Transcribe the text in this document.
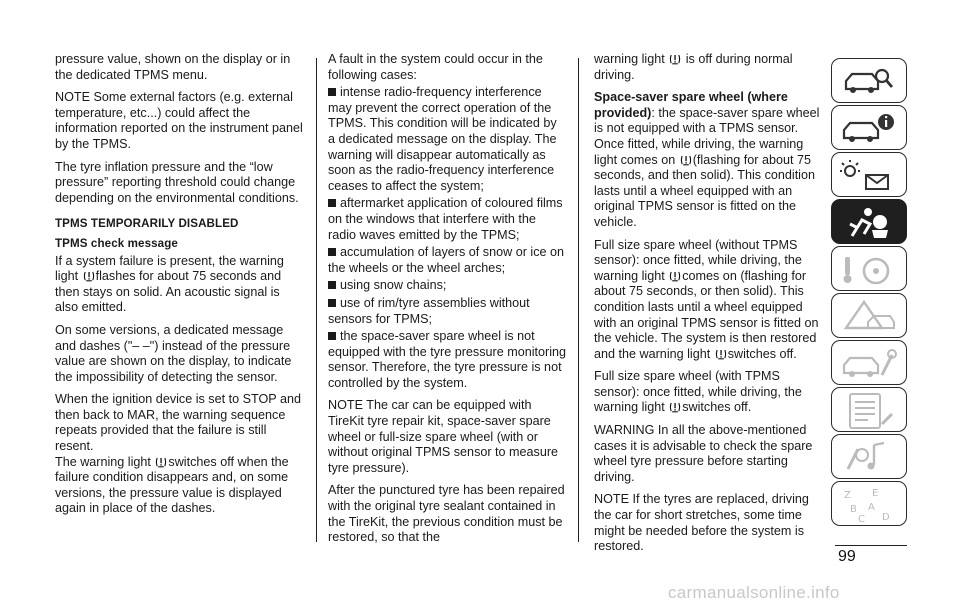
pressure value, shown on the display or in the dedicated TPMS menu.

NOTE Some external factors (e.g. external temperature, etc...) could affect the information reported on the instrument panel by the TPMS.

The tyre inflation pressure and the “low pressure” reporting threshold could change depending on the environmental conditions.

TPMS TEMPORARILY DISABLED
TPMS check message

If a system failure is present, the warning light flashes for about 75 seconds and then stays on solid. An acoustic signal is also emitted.

On some versions, a dedicated message and dashes ("– –") instead of the pressure value are shown on the display, to indicate the impossibility of detecting the sensor.

When the ignition device is set to STOP and then back to MAR, the warning sequence repeats provided that the failure is still resent.

The warning light switches off when the failure condition disappears and, on some versions, the pressure value is displayed again in place of the dashes.

A fault in the system could occur in the following cases:

intense radio-frequency interference may prevent the correct operation of the TPMS. This condition will be indicated by a dedicated message on the display. The warning will disappear automatically as soon as the radio-frequency interference ceases to affect the system;
aftermarket application of coloured films on the windows that interfere with the radio waves emitted by the TPMS;
accumulation of layers of snow or ice on the wheels or the wheel arches;
using snow chains;
use of rim/tyre assemblies without sensors for TPMS;
the space-saver spare wheel is not equipped with the tyre pressure monitoring sensor. Therefore, the tyre pressure is not controlled by the system.

NOTE The car can be equipped with TireKit tyre repair kit, space-saver spare wheel or full-size spare wheel (with or without original TPMS sensor to measure tyre pressure).

After the punctured tyre has been repaired with the original tyre sealant contained in the TireKit, the previous condition must be restored, so that the

warning light is off during normal driving.

Space-saver spare wheel (where provided): the space-saver spare wheel is not equipped with a TPMS sensor. Once fitted, while driving, the warning light comes on (flashing for about 75 seconds, and then solid). This condition lasts until a wheel equipped with an original TPMS sensor is fitted on the vehicle.

Full size spare wheel (without TPMS sensor): once fitted, while driving, the warning light comes on (flashing for about 75 seconds, or then solid). This condition lasts until a wheel equipped with an original TPMS sensor is fitted on the vehicle. The system is then restored and the warning light switches off.

Full size spare wheel (with TPMS sensor): once fitted, while driving, the warning light switches off.

WARNING In all the above-mentioned cases it is advisable to check the spare wheel tyre pressure before starting driving.

NOTE If the tyres are replaced, driving the car for short stretches, some time might be needed before the system is restored.

Z E
B A
C D
99
carmanualsonline.info
